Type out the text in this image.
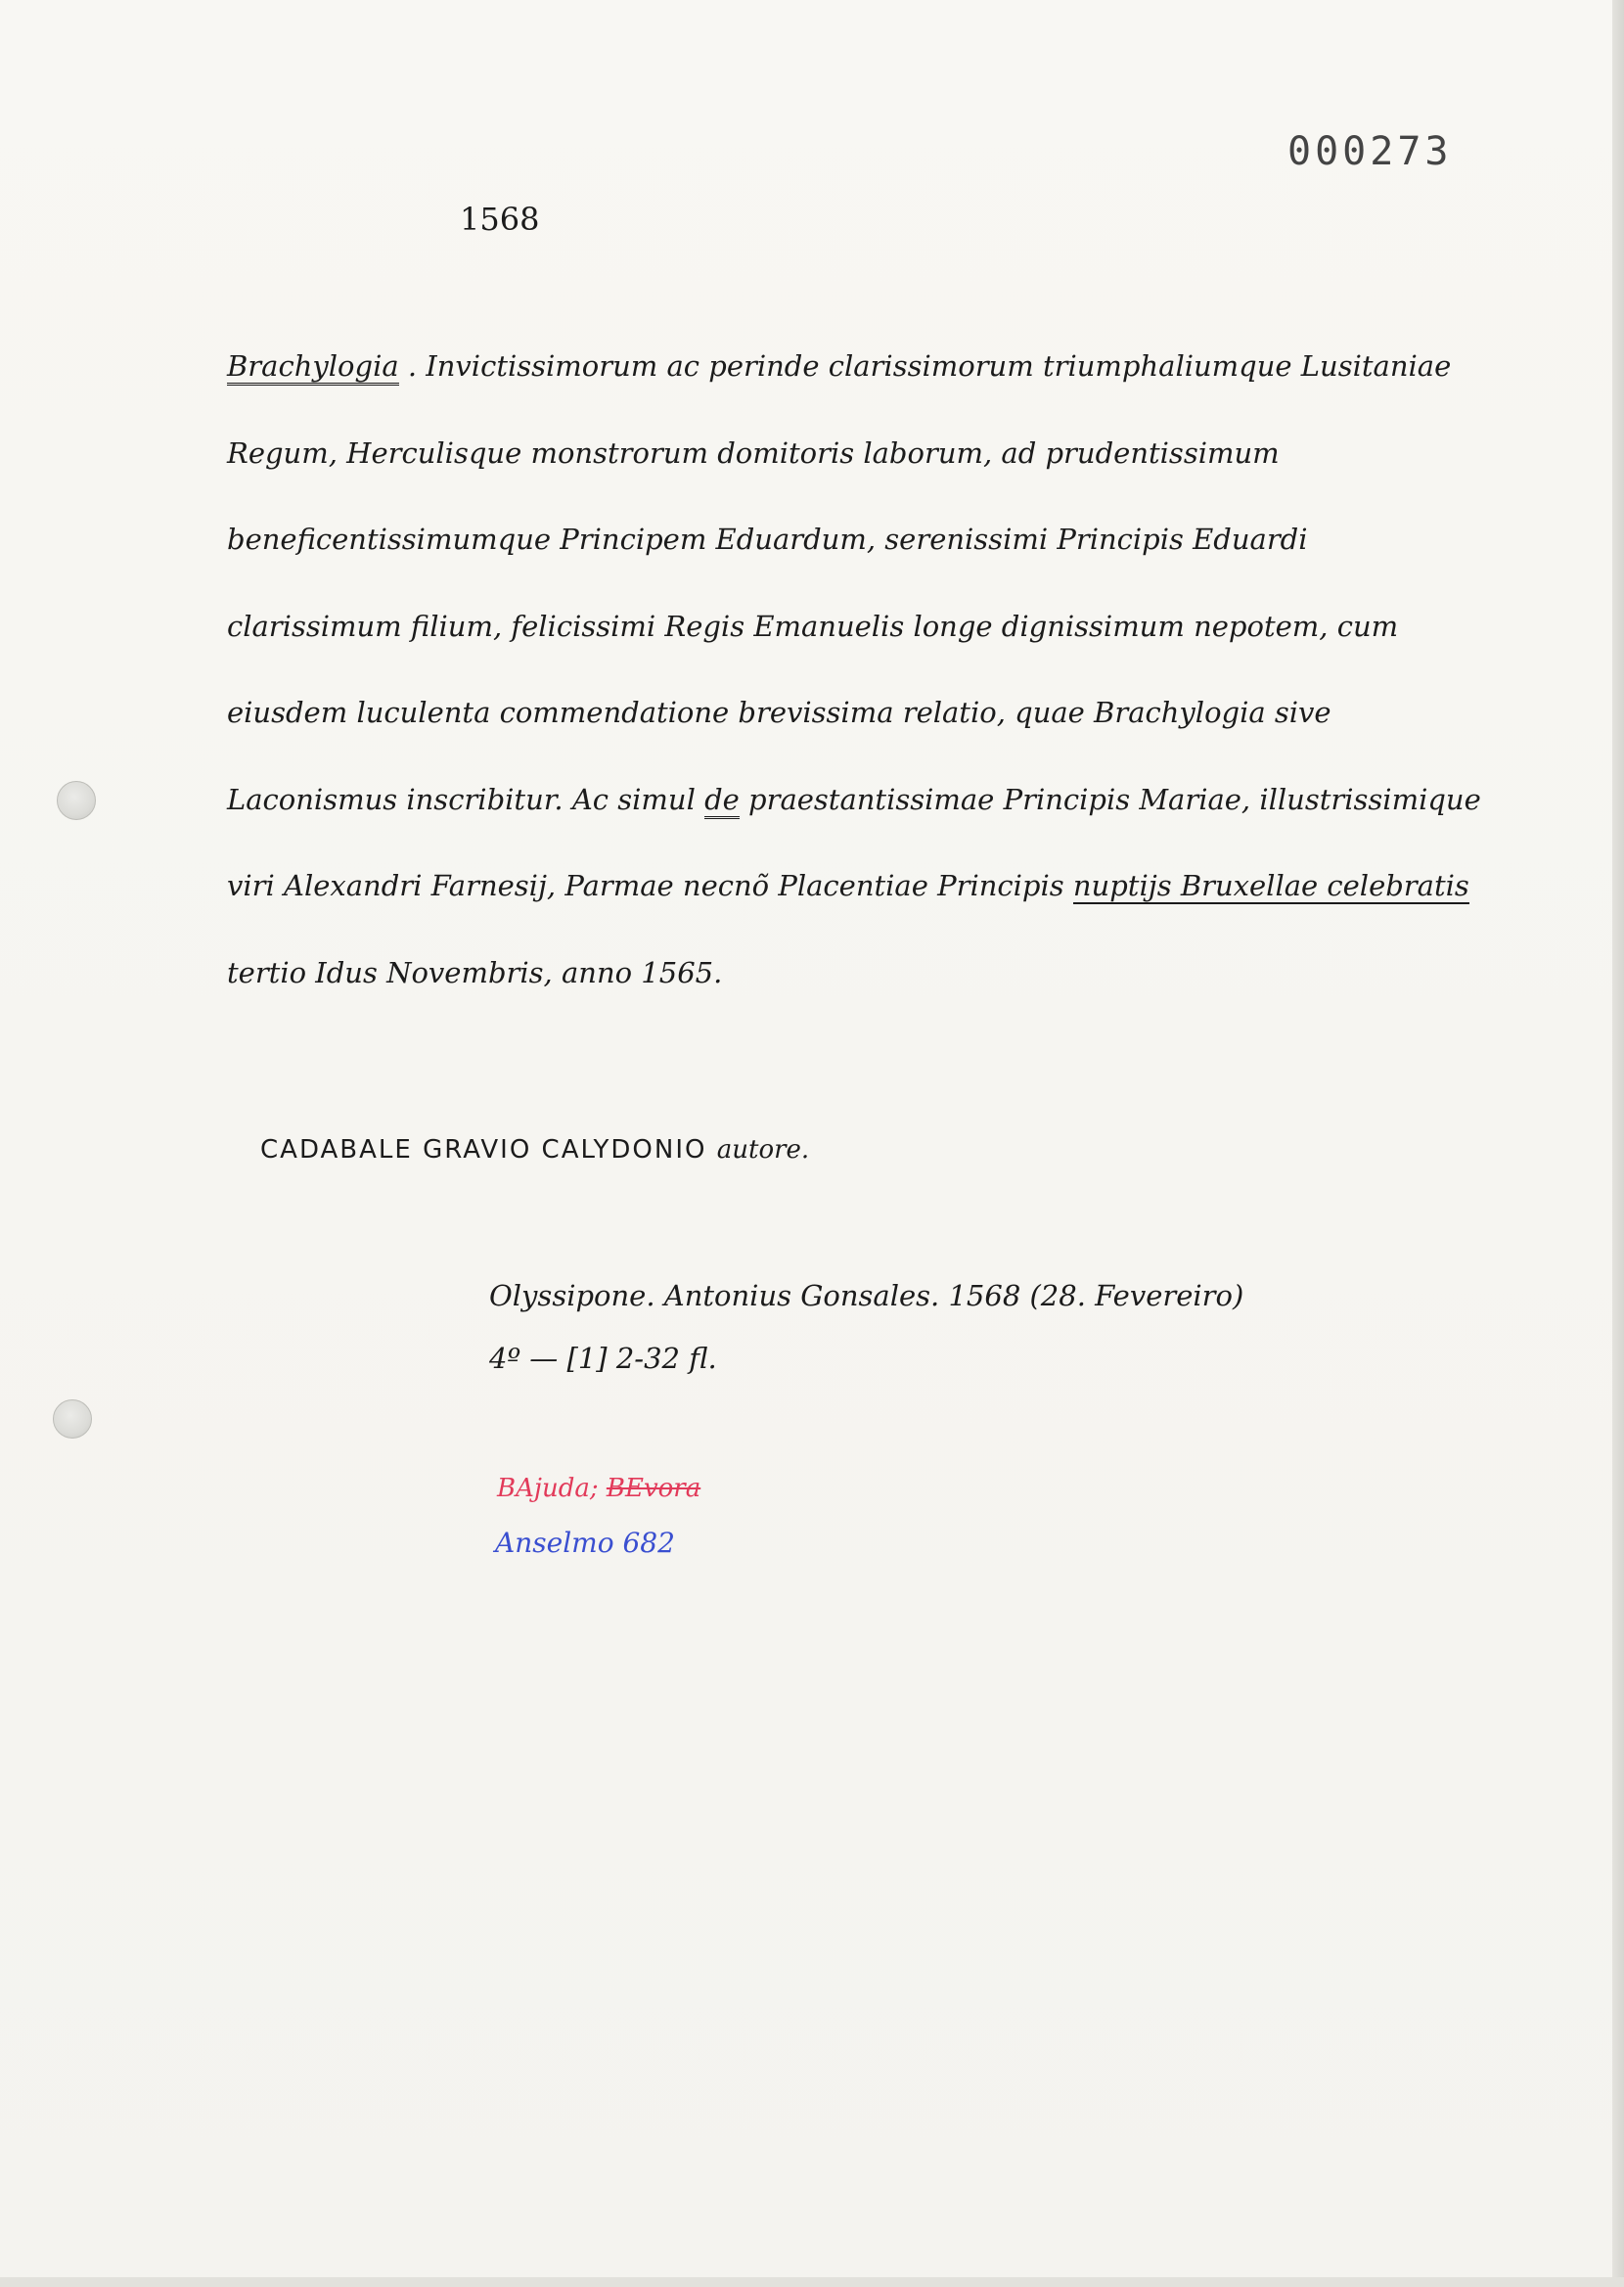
000273
1568

Brachylogia . Invictissimorum ac perinde clarissimorum triumphaliumque Lusitaniae Regum, Herculisque monstrorum domitoris laborum, ad prudentissimum beneficentissimumque Principem Eduardum, serenissimi Principis Eduardi clarissimum filium, felicissimi Regis Emanuelis longe dignissimum nepotem, cum eiusdem luculenta commendatione brevissima relatio, quae Brachylogia sive Laconismus inscribitur. Ac simul de praestantissimae Principis Mariae, illustrissimique viri Alexandri Farnesij, Parmae necnõ Placentiae Principis nuptijs Bruxellae celebratis tertio Idus Novembris, anno 1565.

CADABALE GRAVIO CALYDONIO autore.
Olyssipone. Antonius Gonsales. 1568 (28. Fevereiro)
4º — [1] 2-32 fl.
BAjuda; BEvora
Anselmo 682
